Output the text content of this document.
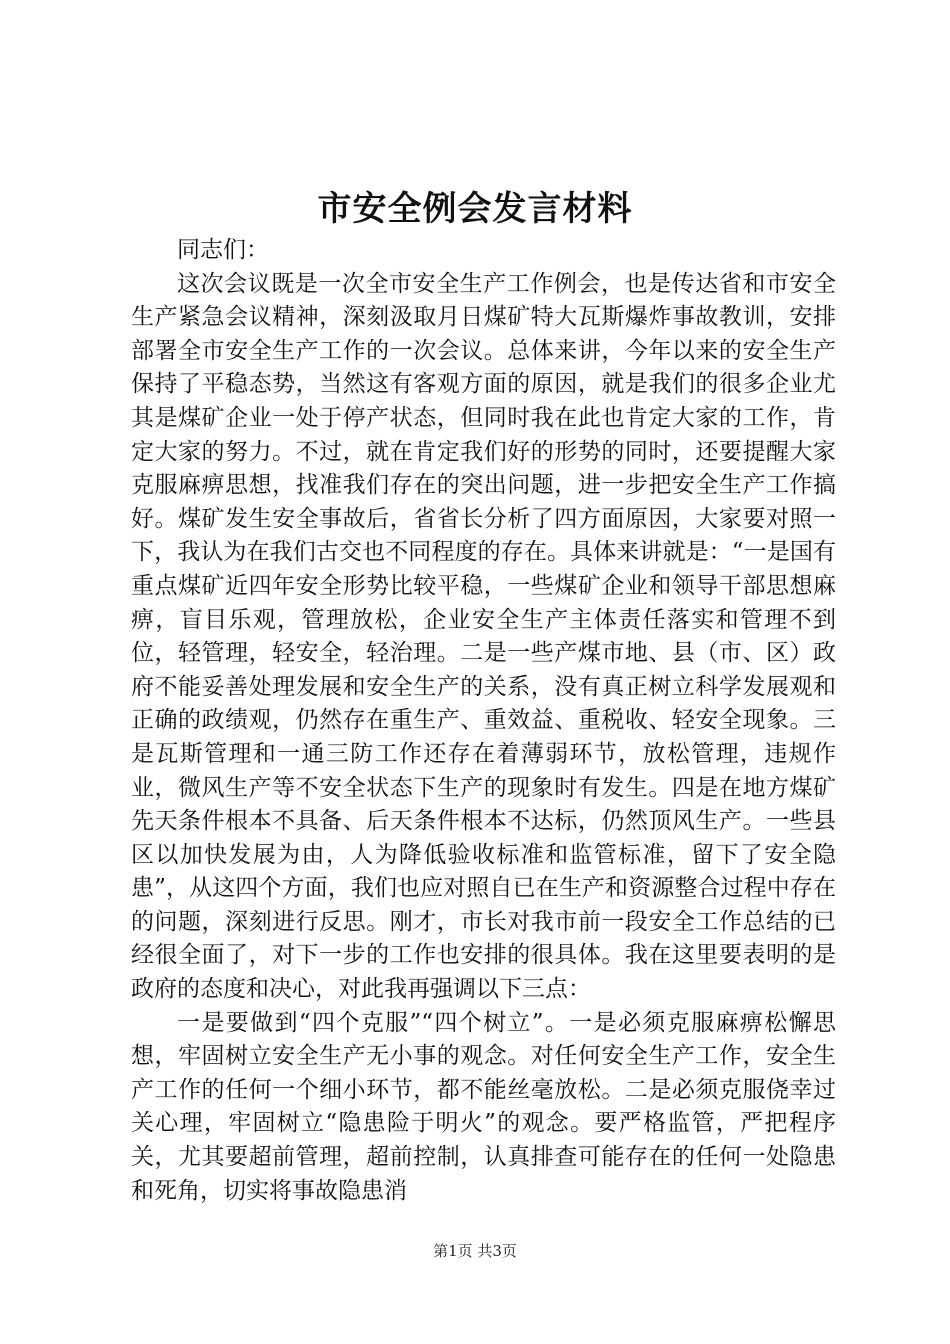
市安全例会发言材料

同志们：

这次会议既是一次全市安全生产工作例会，也是传达省和市安全生产紧急会议精神，深刻汲取月日煤矿特大瓦斯爆炸事故教训，安排部署全市安全生产工作的一次会议。总体来讲，今年以来的安全生产保持了平稳态势，当然这有客观方面的原因，就是我们的很多企业尤其是煤矿企业一处于停产状态，但同时我在此也肯定大家的工作，肯定大家的努力。不过，就在肯定我们好的形势的同时，还要提醒大家克服麻痹思想，找准我们存在的突出问题，进一步把安全生产工作搞好。煤矿发生安全事故后，省省长分析了四方面原因，大家要对照一下，我认为在我们古交也不同程度的存在。具体来讲就是：“一是国有重点煤矿近四年安全形势比较平稳，一些煤矿企业和领导干部思想麻痹，盲目乐观，管理放松，企业安全生产主体责任落实和管理不到位，轻管理，轻安全，轻治理。二是一些产煤市地、县（市、区）政府不能妥善处理发展和安全生产的关系，没有真正树立科学发展观和正确的政绩观，仍然存在重生产、重效益、重税收、轻安全现象。三是瓦斯管理和一通三防工作还存在着薄弱环节，放松管理，违规作业，微风生产等不安全状态下生产的现象时有发生。四是在地方煤矿先天条件根本不具备、后天条件根本不达标，仍然顶风生产。一些县区以加快发展为由，人为降低验收标准和监管标准，留下了安全隐患”，从这四个方面，我们也应对照自已在生产和资源整合过程中存在的问题，深刻进行反思。刚才，市长对我市前一段安全工作总结的已经很全面了，对下一步的工作也安排的很具体。我在这里要表明的是政府的态度和决心，对此我再强调以下三点：

一是要做到“四个克服”“四个树立”。一是必须克服麻痹松懈思想，牢固树立安全生产无小事的观念。对任何安全生产工作，安全生产工作的任何一个细小环节，都不能丝毫放松。二是必须克服侥幸过关心理，牢固树立“隐患险于明火”的观念。要严格监管，严把程序关，尤其要超前管理，超前控制，认真排查可能存在的任何一处隐患和死角，切实将事故隐患消

第1页 共3页
